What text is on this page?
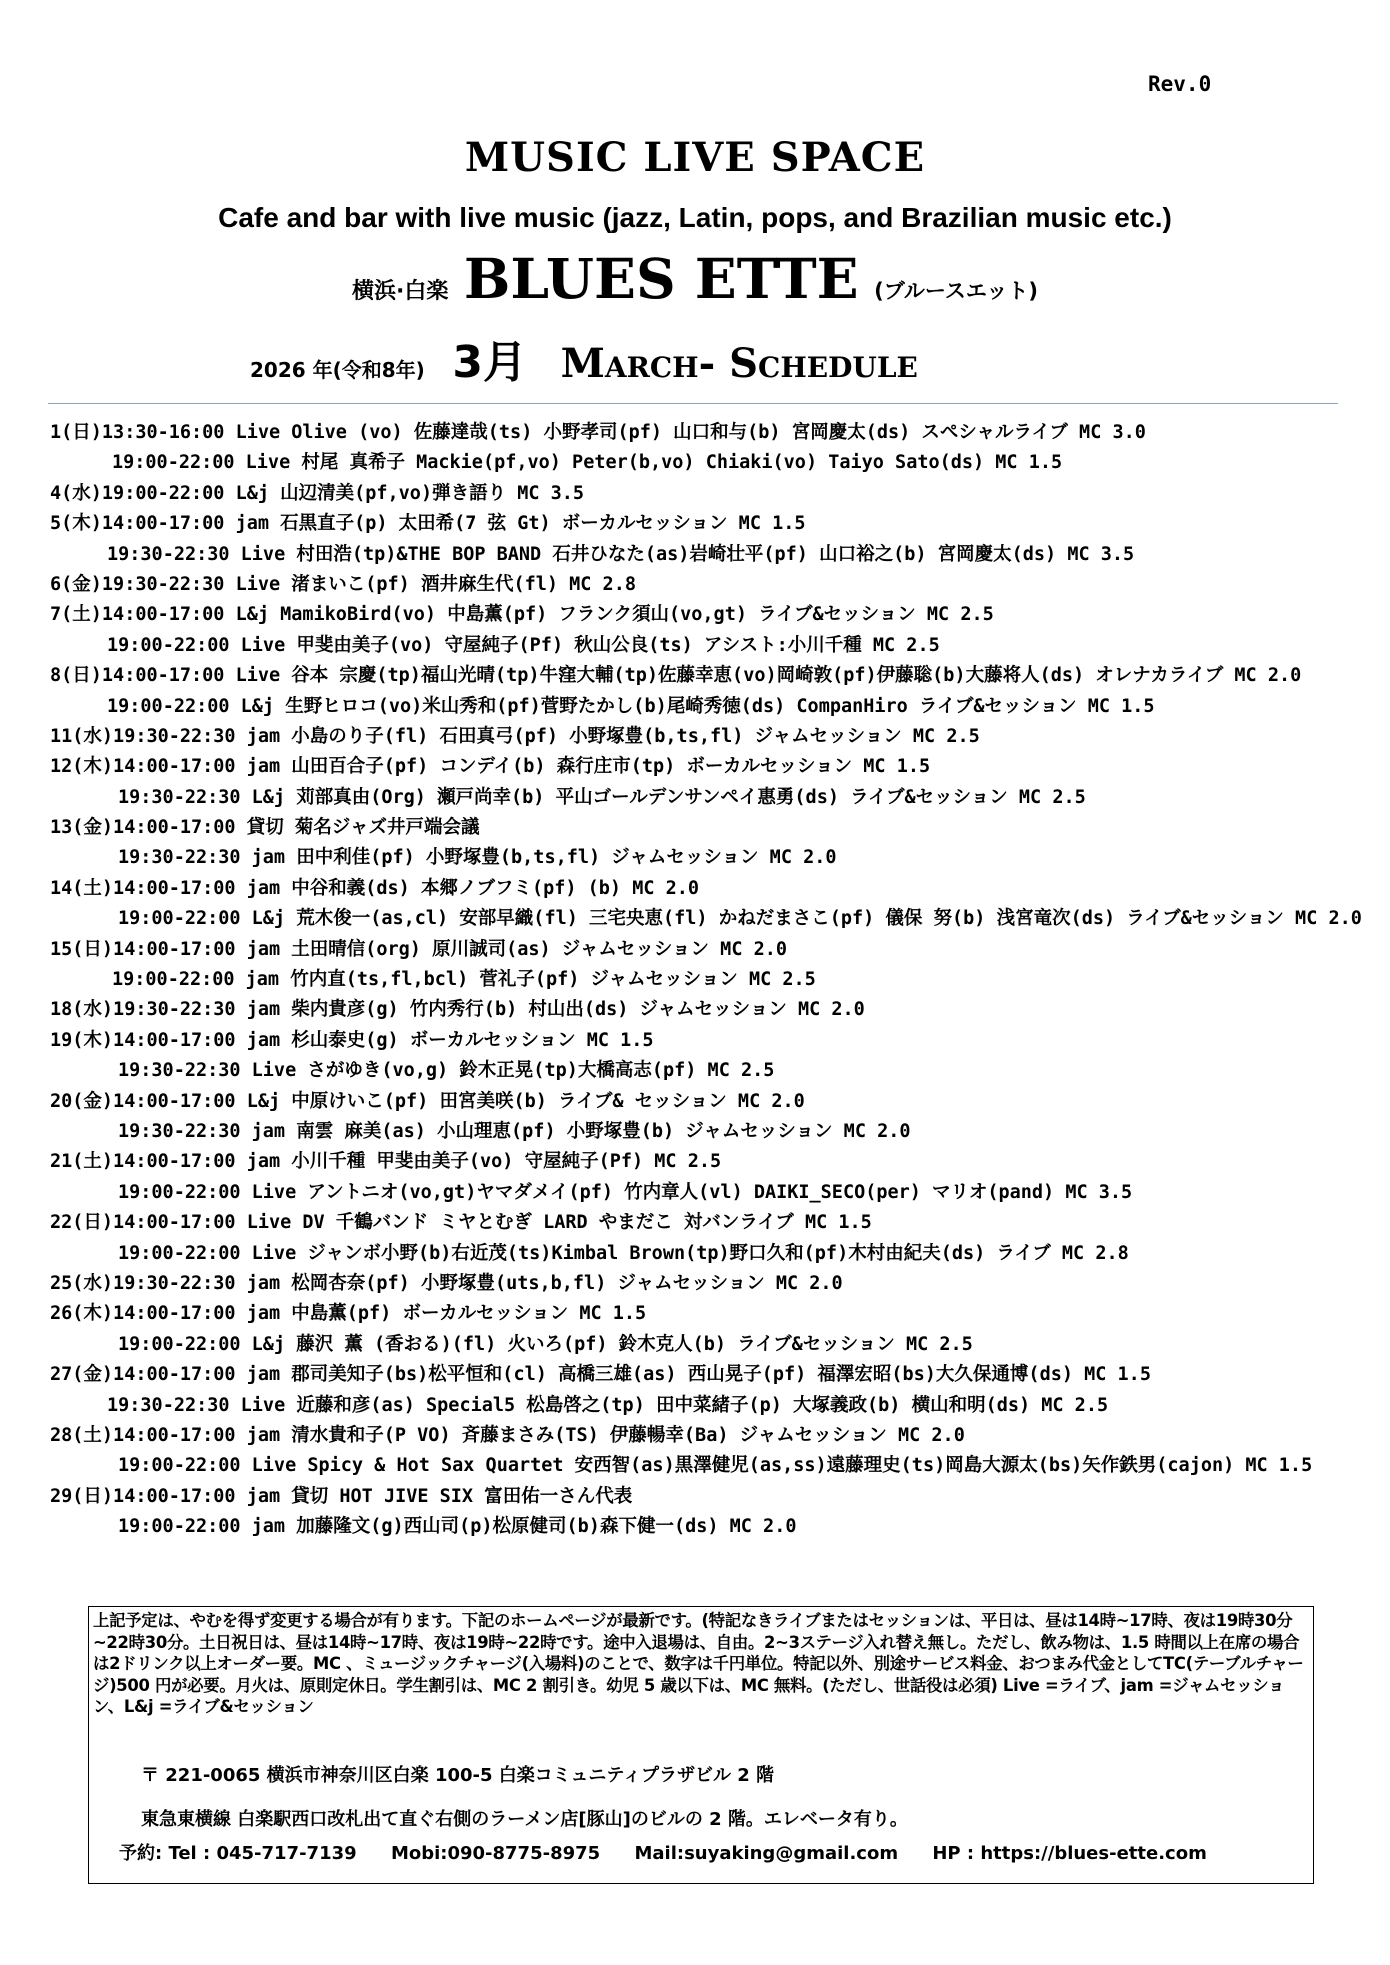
Rev.0
MUSIC LIVE SPACE
Cafe and bar with live music (jazz, Latin, pops, and Brazilian music etc.)
横浜·白楽 BLUES ETTE (ブルースエット)
2026 年(令和8年) 3月 March- Schedule
1(日)13:30-16:00 Live Olive (vo) 佐藤達哉(ts) 小野孝司(pf) 山口和与(b) 宮岡慶太(ds) スペシャルライブ MC 3.0
19:00-22:00 Live 村尾 真希子 Mackie(pf,vo) Peter(b,vo) Chiaki(vo) Taiyo Sato(ds) MC 1.5
4(水)19:00-22:00 L&j 山辺清美(pf,vo)弾き語り MC 3.5
5(木)14:00-17:00 jam 石黒直子(p) 太田希(7 弦 Gt) ボーカルセッション MC 1.5
19:30-22:30 Live 村田浩(tp)&THE BOP BAND 石井ひなた(as)岩崎壮平(pf) 山口裕之(b) 宮岡慶太(ds) MC 3.5
6(金)19:30-22:30 Live 渚まいこ(pf) 酒井麻生代(fl) MC 2.8
7(土)14:00-17:00 L&j MamikoBird(vo) 中島薫(pf) フランク須山(vo,gt) ライブ&セッション MC 2.5
19:00-22:00 Live 甲斐由美子(vo) 守屋純子(Pf) 秋山公良(ts) アシスト:小川千種 MC 2.5
8(日)14:00-17:00 Live 谷本 宗慶(tp)福山光晴(tp)牛窪大輔(tp)佐藤幸恵(vo)岡崎敦(pf)伊藤聡(b)大藤将人(ds) オレナカライブ MC 2.0
19:00-22:00 L&j 生野ヒロコ(vo)米山秀和(pf)菅野たかし(b)尾崎秀徳(ds) CompanHiro ライブ&セッション MC 1.5
11(水)19:30-22:30 jam 小島のり子(fl) 石田真弓(pf) 小野塚豊(b,ts,fl) ジャムセッション MC 2.5
12(木)14:00-17:00 jam 山田百合子(pf) コンデイ(b) 森行庄市(tp) ボーカルセッション MC 1.5
19:30-22:30 L&j 苅部真由(Org) 瀬戸尚幸(b) 平山ゴールデンサンペイ惠勇(ds) ライブ&セッション MC 2.5
13(金)14:00-17:00 貸切 菊名ジャズ井戸端会議
19:30-22:30 jam 田中利佳(pf) 小野塚豊(b,ts,fl) ジャムセッション MC 2.0
14(土)14:00-17:00 jam 中谷和義(ds) 本郷ノブフミ(pf) (b) MC 2.0
19:00-22:00 L&j 荒木俊一(as,cl) 安部早織(fl) 三宅央恵(fl) かねだまさこ(pf) 儀保 努(b) 浅宮竜次(ds) ライブ&セッション MC 2.0
15(日)14:00-17:00 jam 土田晴信(org) 原川誠司(as) ジャムセッション MC 2.0
19:00-22:00 jam 竹内直(ts,fl,bcl) 菅礼子(pf) ジャムセッション MC 2.5
18(水)19:30-22:30 jam 柴内貴彦(g) 竹内秀行(b) 村山出(ds) ジャムセッション MC 2.0
19(木)14:00-17:00 jam 杉山泰史(g) ボーカルセッション MC 1.5
19:30-22:30 Live さがゆき(vo,g) 鈴木正晃(tp)大橋高志(pf) MC 2.5
20(金)14:00-17:00 L&j 中原けいこ(pf) 田宮美咲(b) ライブ& セッション MC 2.0
19:30-22:30 jam 南雲 麻美(as) 小山理恵(pf) 小野塚豊(b) ジャムセッション MC 2.0
21(土)14:00-17:00 jam 小川千種 甲斐由美子(vo) 守屋純子(Pf) MC 2.5
19:00-22:00 Live アントニオ(vo,gt)ヤマダメイ(pf) 竹内章人(vl) DAIKI_SECO(per) マリオ(pand) MC 3.5
22(日)14:00-17:00 Live DV 千鶴バンド ミヤとむぎ LARD やまだこ 対バンライブ MC 1.5
19:00-22:00 Live ジャンボ小野(b)右近茂(ts)Kimbal Brown(tp)野口久和(pf)木村由紀夫(ds) ライブ MC 2.8
25(水)19:30-22:30 jam 松岡杏奈(pf) 小野塚豊(uts,b,fl) ジャムセッション MC 2.0
26(木)14:00-17:00 jam 中島薫(pf) ボーカルセッション MC 1.5
19:00-22:00 L&j 藤沢 薫 (香おる)(fl) 火いろ(pf) 鈴木克人(b) ライブ&セッション MC 2.5
27(金)14:00-17:00 jam 郡司美知子(bs)松平恒和(cl) 高橋三雄(as) 西山晃子(pf) 福澤宏昭(bs)大久保通博(ds) MC 1.5
19:30-22:30 Live 近藤和彦(as) Special5 松島啓之(tp) 田中菜緒子(p) 大塚義政(b) 横山和明(ds) MC 2.5
28(土)14:00-17:00 jam 清水貴和子(P VO) 斉藤まさみ(TS) 伊藤暢幸(Ba) ジャムセッション MC 2.0
19:00-22:00 Live Spicy & Hot Sax Quartet 安西智(as)黒澤健児(as,ss)遠藤理史(ts)岡島大源太(bs)矢作鉄男(cajon) MC 1.5
29(日)14:00-17:00 jam 貸切 HOT JIVE SIX 富田佑一さん代表
19:00-22:00 jam 加藤隆文(g)西山司(p)松原健司(b)森下健一(ds) MC 2.0
上記予定は、やむを得ず変更する場合が有ります。下記のホームページが最新です。(特記なきライブまたはセッションは、平日は、昼は14時~17時、夜は19時30分~22時30分。土日祝日は、昼は14時~17時、夜は19時~22時です。途中入退場は、自由。2~3ステージ入れ替え無し。ただし、飲み物は、1.5 時間以上在席の場合は2ドリンク以上オーダー要。MC 、ミュージックチャージ(入場料)のことで、数字は千円単位。特記以外、別途サービス料金、おつまみ代金としてTC(テーブルチャージ)500 円が必要。月火は、原則定休日。学生割引は、MC 2 割引き。幼児 5 歳以下は、MC 無料。(ただし、世話役は必須) Live =ライブ、jam =ジャムセッション、L&j =ライブ&セッション
〒 221-0065 横浜市神奈川区白楽 100-5 白楽コミュニティプラザビル 2 階
東急東横線 白楽駅西口改札出て直ぐ右側のラーメン店[豚山]のビルの 2 階。エレベータ有り。
予約: Tel : 045-717-7139 Mobi:090-8775-8975 Mail:suyaking@gmail.com HP : https://blues-ette.com
